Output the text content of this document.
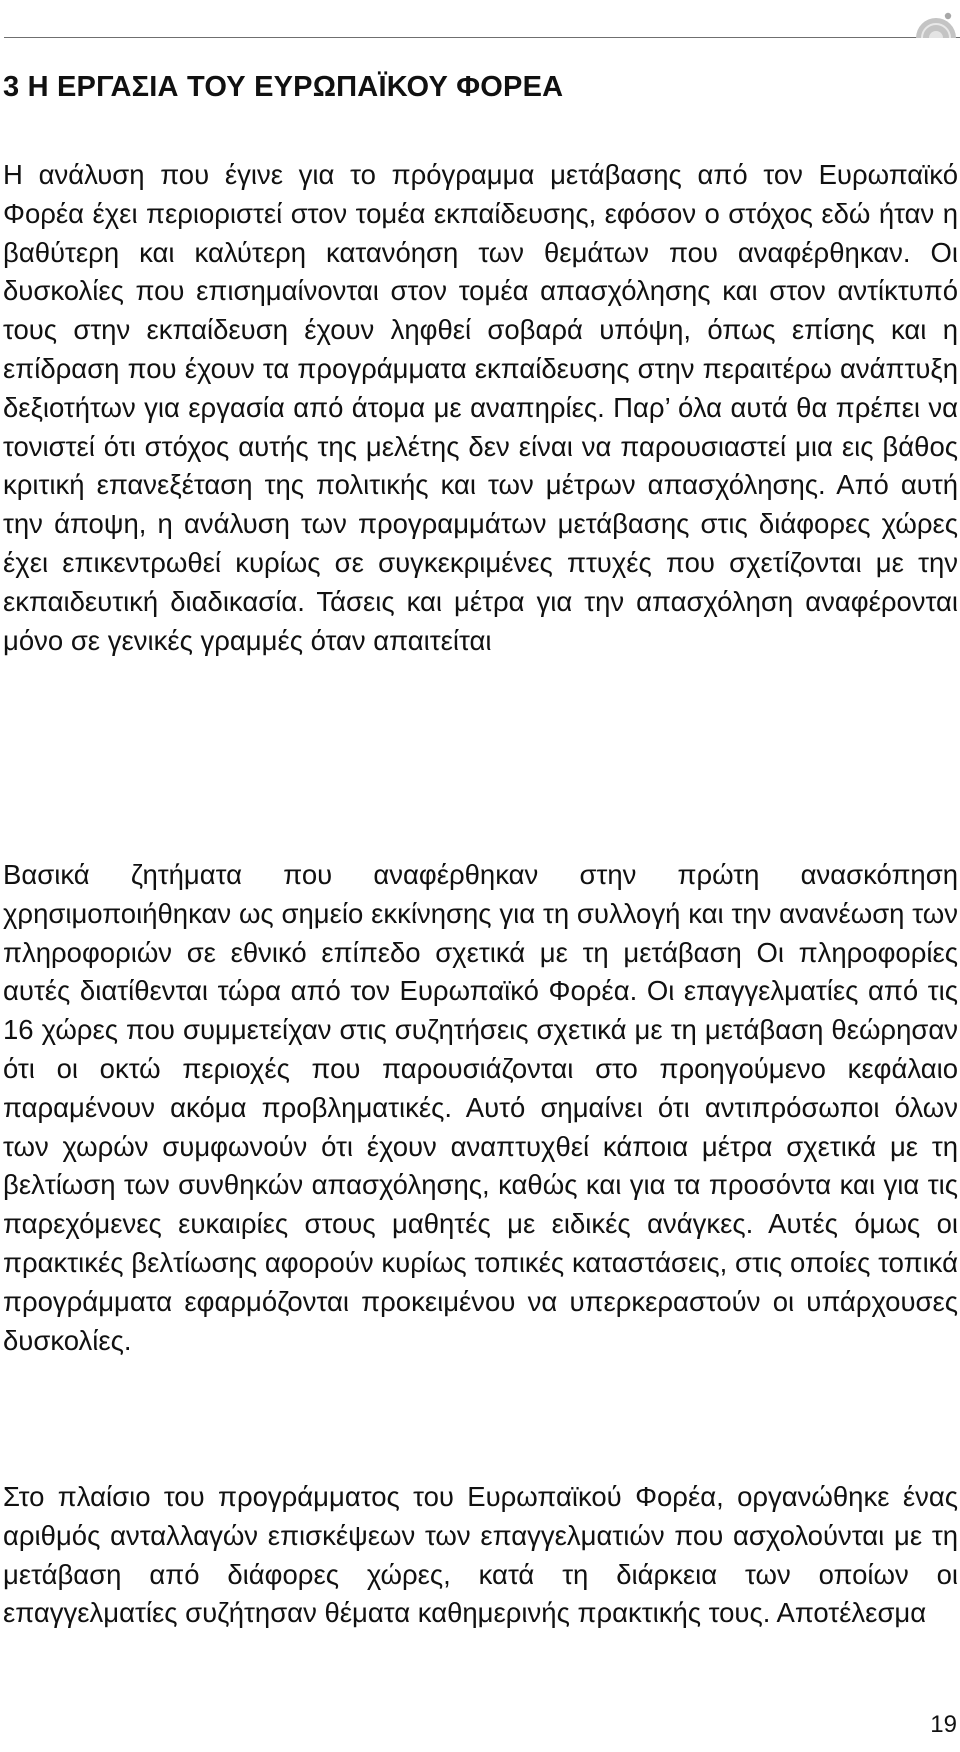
3 Η ΕΡΓΑΣΙΑ ΤΟΥ ΕΥΡΩΠΑΪΚΟΥ ΦΟΡΕΑ

Η ανάλυση που έγινε για το πρόγραμμα μετάβασης από τον Ευρωπαϊκό Φορέα έχει περιοριστεί στον τομέα εκπαίδευσης, εφόσον ο στόχος εδώ ήταν η βαθύτερη και καλύτερη κατανόηση των θεμάτων που αναφέρθηκαν. Οι δυσκολίες που επισημαίνονται στον τομέα απασχόλησης και στον αντίκτυπό τους στην εκπαίδευση έχουν ληφθεί σοβαρά υπόψη, όπως επίσης και η επίδραση που έχουν τα προγράμματα εκπαίδευσης στην περαιτέρω ανάπτυξη δεξιοτήτων για εργασία από άτομα με αναπηρίες. Παρ’ όλα αυτά θα πρέπει να τονιστεί ότι στόχος αυτής της μελέτης δεν είναι να παρουσιαστεί μια εις βάθος κριτική επανεξέταση της πολιτικής και των μέτρων απασχόλησης. Από αυτή την άποψη, η ανάλυση των προγραμμάτων μετάβασης στις διάφορες χώρες έχει επικεντρωθεί κυρίως σε συγκεκριμένες πτυχές που σχετίζονται με την εκπαιδευτική διαδικασία. Τάσεις και μέτρα για την απασχόληση αναφέρονται μόνο σε γενικές γραμμές όταν απαιτείται

Βασικά ζητήματα που αναφέρθηκαν στην πρώτη ανασκόπηση χρησιμοποιήθηκαν ως σημείο εκκίνησης για τη συλλογή και την ανανέωση των πληροφοριών σε εθνικό επίπεδο σχετικά με τη μετάβαση Οι πληροφορίες αυτές διατίθενται τώρα από τον Ευρωπαϊκό Φορέα. Οι επαγγελματίες από τις 16 χώρες που συμμετείχαν στις συζητήσεις σχετικά με τη μετάβαση θεώρησαν ότι οι οκτώ περιοχές που παρουσιάζονται στο προηγούμενο κεφάλαιο παραμένουν ακόμα προβληματικές. Αυτό σημαίνει ότι αντιπρόσωποι όλων των χωρών συμφωνούν ότι έχουν αναπτυχθεί κάποια μέτρα σχετικά με τη βελτίωση των συνθηκών απασχόλησης, καθώς και για τα προσόντα και για τις παρεχόμενες ευκαιρίες στους μαθητές με ειδικές ανάγκες. Αυτές όμως οι πρακτικές βελτίωσης αφορούν κυρίως τοπικές καταστάσεις, στις οποίες τοπικά προγράμματα εφαρμόζονται προκειμένου να υπερκεραστούν οι υπάρχουσες δυσκολίες.

Στο πλαίσιο του προγράμματος του Ευρωπαϊκού Φορέα, οργανώθηκε ένας αριθμός ανταλλαγών επισκέψεων των επαγγελματιών που ασχολούνται με τη μετάβαση από διάφορες χώρες, κατά τη διάρκεια των οποίων οι επαγγελματίες συζήτησαν θέματα καθημερινής πρακτικής τους. Αποτέλεσμα

19
